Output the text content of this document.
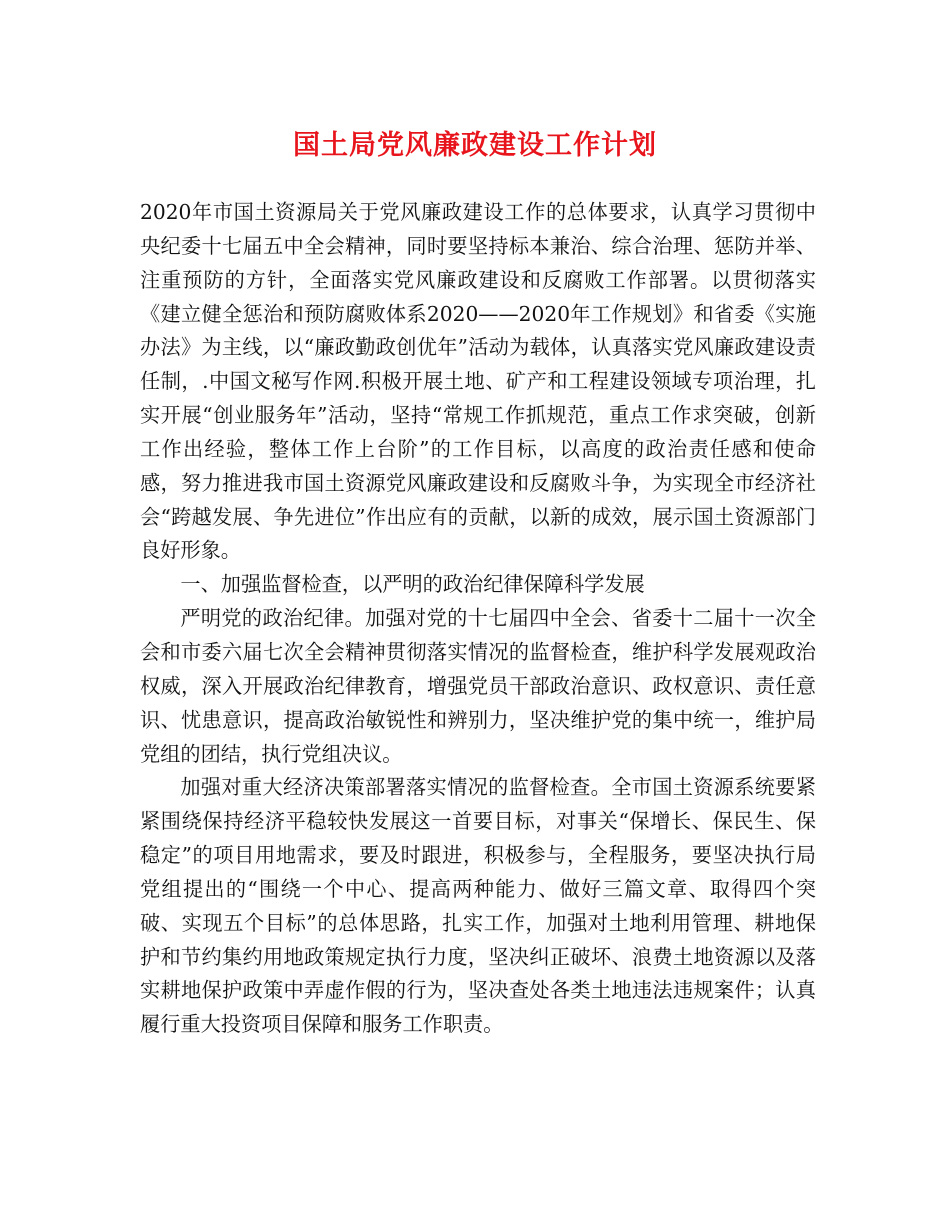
国土局党风廉政建设工作计划

2020年市国土资源局关于党风廉政建设工作的总体要求，认真学习贯彻中央纪委十七届五中全会精神，同时要坚持标本兼治、综合治理、惩防并举、注重预防的方针，全面落实党风廉政建设和反腐败工作部署。以贯彻落实《建立健全惩治和预防腐败体系2020——2020年工作规划》和省委《实施办法》为主线，以“廉政勤政创优年”活动为载体，认真落实党风廉政建设责任制，.中国文秘写作网.积极开展土地、矿产和工程建设领域专项治理，扎实开展“创业服务年”活动，坚持“常规工作抓规范，重点工作求突破，创新工作出经验，整体工作上台阶”的工作目标，以高度的政治责任感和使命感，努力推进我市国土资源党风廉政建设和反腐败斗争，为实现全市经济社会“跨越发展、争先进位”作出应有的贡献，以新的成效，展示国土资源部门良好形象。

一、加强监督检查，以严明的政治纪律保障科学发展

严明党的政治纪律。加强对党的十七届四中全会、省委十二届十一次全会和市委六届七次全会精神贯彻落实情况的监督检查，维护科学发展观政治权威，深入开展政治纪律教育，增强党员干部政治意识、政权意识、责任意识、忧患意识，提高政治敏锐性和辨别力，坚决维护党的集中统一，维护局党组的团结，执行党组决议。

加强对重大经济决策部署落实情况的监督检查。全市国土资源系统要紧紧围绕保持经济平稳较快发展这一首要目标，对事关“保增长、保民生、保稳定”的项目用地需求，要及时跟进，积极参与，全程服务，要坚决执行局党组提出的“围绕一个中心、提高两种能力、做好三篇文章、取得四个突破、实现五个目标”的总体思路，扎实工作，加强对土地利用管理、耕地保护和节约集约用地政策规定执行力度，坚决纠正破坏、浪费土地资源以及落实耕地保护政策中弄虚作假的行为，坚决查处各类土地违法违规案件；认真履行重大投资项目保障和服务工作职责。
